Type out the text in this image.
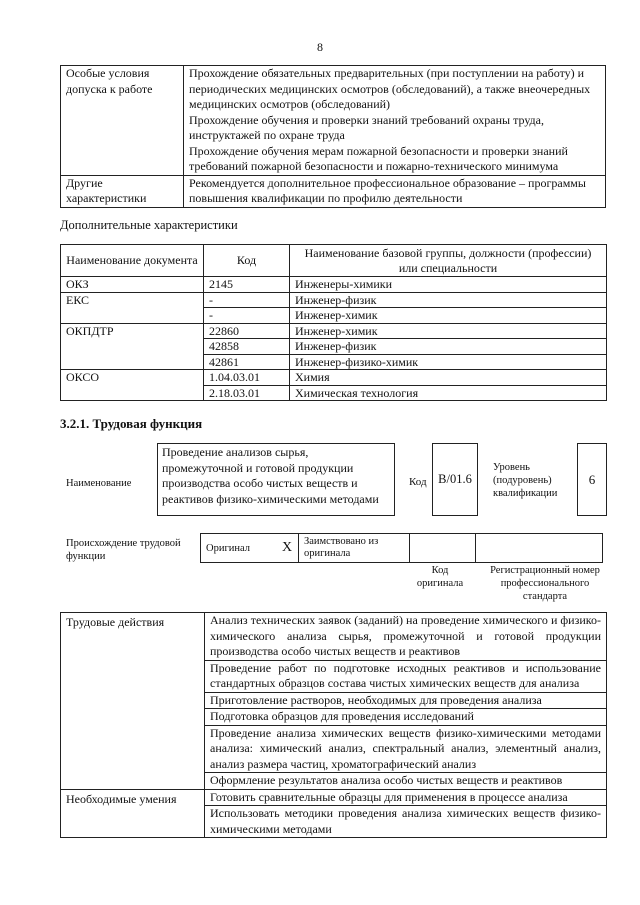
8
Особые условия допуска к работе	Прохождение обязательных предварительных (при поступлении на работу) и периодических медицинских осмотров (обследований), а также внеочередных медицинских осмотров (обследований)
Прохождение обучения и проверки знаний требований охраны труда, инструктажей по охране труда
Прохождение обучения мерам пожарной безопасности и проверки знаний требований пожарной безопасности и пожарно-технического минимума

Другие характеристики	Рекомендуется дополнительное профессиональное образование – программы повышения квалификации по профилю деятельности
Дополнительные характеристики
Наименование документа	Код	Наименование базовой группы, должности (профессии) или специальности
ОКЗ	2145	Инженеры-химики
ЕКС	-	Инженер-физик
	-	Инженер-химик
ОКПДТР	22860	Инженер-химик
	42858	Инженер-физик
	42861	Инженер-физико-химик
ОКСО	1.04.03.01	Химия
	2.18.03.01	Химическая технология
3.2.1. Трудовая функция
Наименование
Проведение анализов сырья, промежуточной и готовой продукции производства особо чистых веществ и реактивов физико-химическими методами
Код B/01.6
Уровень (подуровень) квалификации
6
Происхождение трудовой функции
Оригинал	X	Заимствовано из оригинала		
Код оригинала
Регистрационный номер профессионального стандарта
Трудовые действия	Анализ технических заявок (заданий) на проведение химического и физико-химического анализа сырья, промежуточной и готовой продукции производства особо чистых веществ и реактивов
	Проведение работ по подготовке исходных реактивов и использование стандартных образцов состава чистых химических веществ для анализа
	Приготовление растворов, необходимых для проведения анализа
	Подготовка образцов для проведения исследований
	Проведение анализа химических веществ физико-химическими методами анализа: химический анализ, спектральный анализ, элементный анализ, анализ размера частиц, хроматографический анализ
	Оформление результатов анализа особо чистых веществ и реактивов
Необходимые умения	Готовить сравнительные образцы для применения в процессе анализа
	Использовать методики проведения анализа химических веществ физико-химическими методами
